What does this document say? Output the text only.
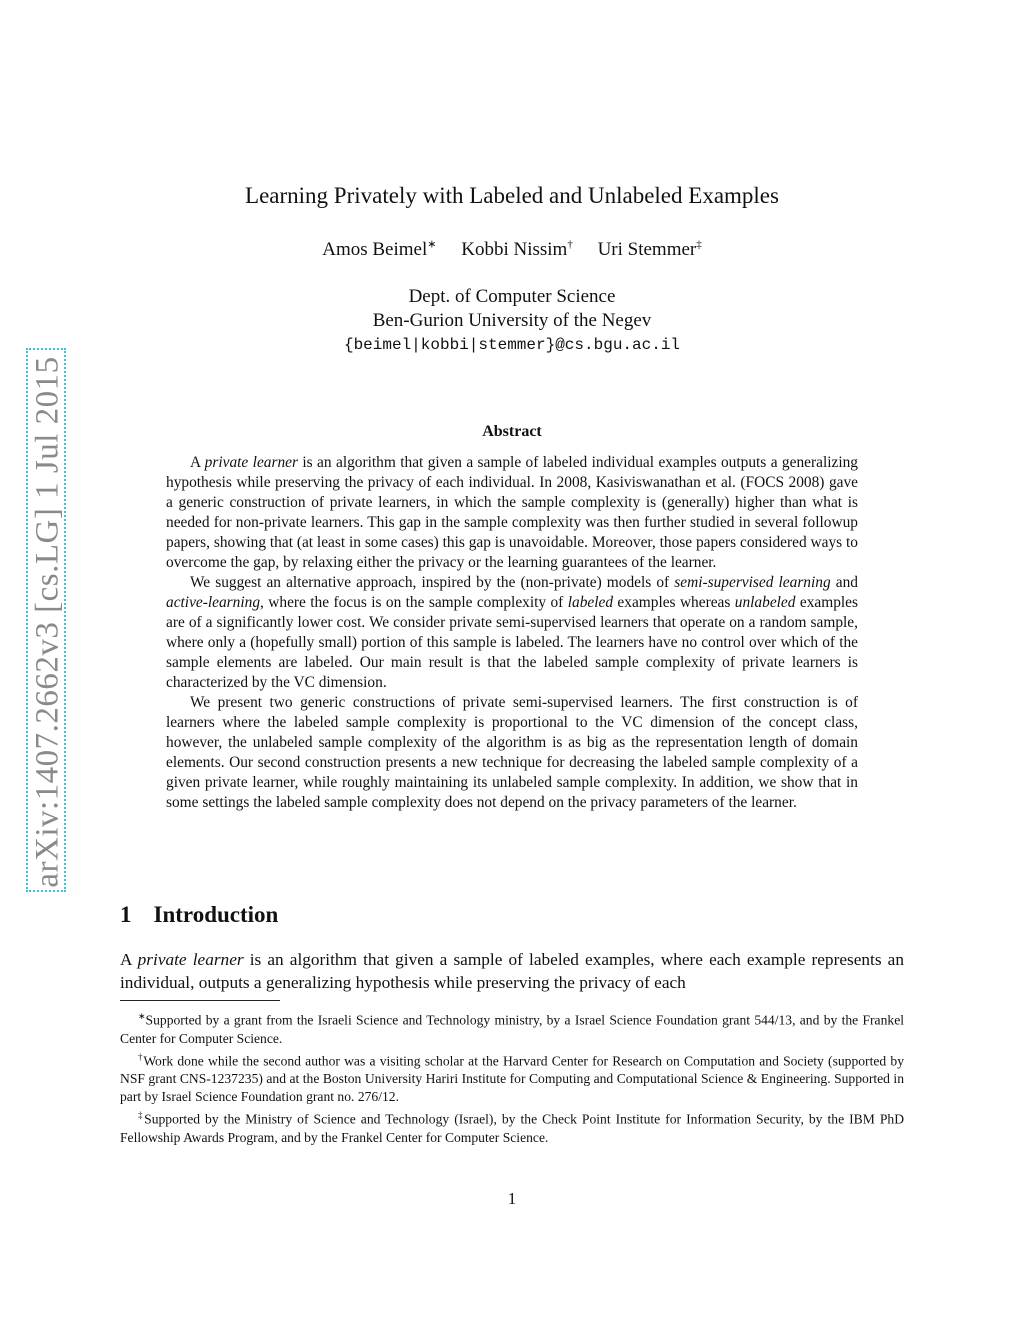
arXiv:1407.2662v3 [cs.LG] 1 Jul 2015
Learning Privately with Labeled and Unlabeled Examples
Amos Beimel∗ Kobbi Nissim† Uri Stemmer‡
Dept. of Computer Science
Ben-Gurion University of the Negev
{beimel|kobbi|stemmer}@cs.bgu.ac.il
Abstract

A private learner is an algorithm that given a sample of labeled individual examples outputs a generalizing hypothesis while preserving the privacy of each individual. In 2008, Kasiviswanathan et al. (FOCS 2008) gave a generic construction of private learners, in which the sample complexity is (generally) higher than what is needed for non-private learners. This gap in the sample complexity was then further studied in several followup papers, showing that (at least in some cases) this gap is unavoidable. Moreover, those papers considered ways to overcome the gap, by relaxing either the privacy or the learning guarantees of the learner.

We suggest an alternative approach, inspired by the (non-private) models of semi-supervised learning and active-learning, where the focus is on the sample complexity of labeled examples whereas unlabeled examples are of a significantly lower cost. We consider private semi-supervised learners that operate on a random sample, where only a (hopefully small) portion of this sample is labeled. The learners have no control over which of the sample elements are labeled. Our main result is that the labeled sample complexity of private learners is characterized by the VC dimension.

We present two generic constructions of private semi-supervised learners. The first construction is of learners where the labeled sample complexity is proportional to the VC dimension of the concept class, however, the unlabeled sample complexity of the algorithm is as big as the representation length of domain elements. Our second construction presents a new technique for decreasing the labeled sample complexity of a given private learner, while roughly maintaining its unlabeled sample complexity. In addition, we show that in some settings the labeled sample complexity does not depend on the privacy parameters of the learner.

1 Introduction

A private learner is an algorithm that given a sample of labeled examples, where each example represents an individual, outputs a generalizing hypothesis while preserving the privacy of each

∗Supported by a grant from the Israeli Science and Technology ministry, by a Israel Science Foundation grant 544/13, and by the Frankel Center for Computer Science.

†Work done while the second author was a visiting scholar at the Harvard Center for Research on Computation and Society (supported by NSF grant CNS-1237235) and at the Boston University Hariri Institute for Computing and Computational Science & Engineering. Supported in part by Israel Science Foundation grant no. 276/12.

‡Supported by the Ministry of Science and Technology (Israel), by the Check Point Institute for Information Security, by the IBM PhD Fellowship Awards Program, and by the Frankel Center for Computer Science.

1
